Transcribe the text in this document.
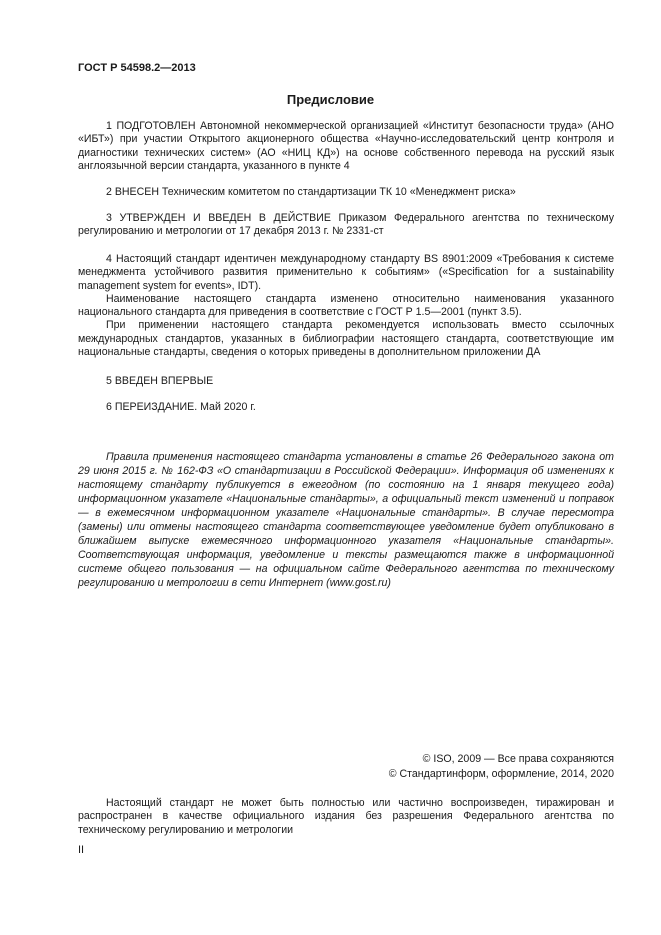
ГОСТ Р 54598.2—2013
Предисловие

1 ПОДГОТОВЛЕН Автономной некоммерческой организацией «Институт безопасности труда» (АНО «ИБТ») при участии Открытого акционерного общества «Научно-исследовательский центр контроля и диагностики технических систем» (АО «НИЦ КД») на основе собственного перевода на русский язык англоязычной версии стандарта, указанного в пункте 4

2 ВНЕСЕН Техническим комитетом по стандартизации ТК 10 «Менеджмент риска»

3 УТВЕРЖДЕН И ВВЕДЕН В ДЕЙСТВИЕ Приказом Федерального агентства по техническому регулированию и метрологии от 17 декабря 2013 г. № 2331-ст

4 Настоящий стандарт идентичен международному стандарту BS 8901:2009 «Требования к системе менеджмента устойчивого развития применительно к событиям» («Specification for a sustainability management system for events», IDT).

Наименование настоящего стандарта изменено относительно наименования указанного национального стандарта для приведения в соответствие с ГОСТ Р 1.5—2001 (пункт 3.5).

При применении настоящего стандарта рекомендуется использовать вместо ссылочных международных стандартов, указанных в библиографии настоящего стандарта, соответствующие им национальные стандарты, сведения о которых приведены в дополнительном приложении ДА

5 ВВЕДЕН ВПЕРВЫЕ

6 ПЕРЕИЗДАНИЕ. Май 2020 г.

Правила применения настоящего стандарта установлены в статье 26 Федерального закона от 29 июня 2015 г. № 162-ФЗ «О стандартизации в Российской Федерации». Информация об изменениях к настоящему стандарту публикуется в ежегодном (по состоянию на 1 января текущего года) информационном указателе «Национальные стандарты», а официальный текст изменений и поправок — в ежемесячном информационном указателе «Национальные стандарты». В случае пересмотра (замены) или отмены настоящего стандарта соответствующее уведомление будет опубликовано в ближайшем выпуске ежемесячного информационного указателя «Национальные стандарты». Соответствующая информация, уведомление и тексты размещаются также в информационной системе общего пользования — на официальном сайте Федерального агентства по техническому регулированию и метрологии в сети Интернет (www.gost.ru)

© ISO, 2009 — Все права сохраняются
© Стандартинформ, оформление, 2014, 2020

Настоящий стандарт не может быть полностью или частично воспроизведен, тиражирован и распространен в качестве официального издания без разрешения Федерального агентства по техническому регулированию и метрологии

II
